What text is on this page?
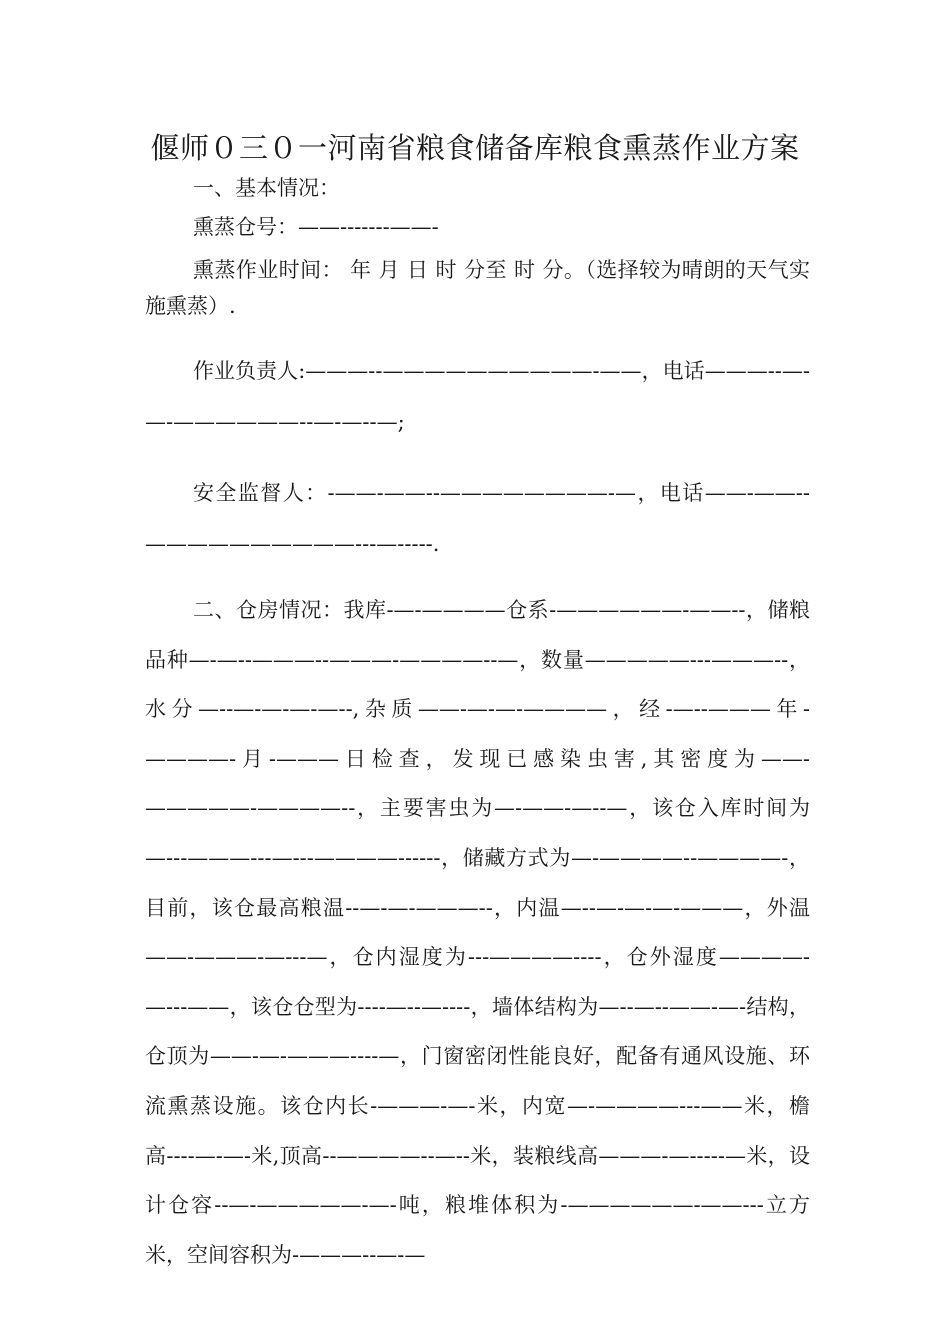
偃师０三０一河南省粮食储备库粮食熏蒸作业方案

一、基本情况：

熏蒸仓号：——-------——-

熏蒸作业时间： 年 月 日 时 分至 时 分。（选择较为晴朗的天气实施熏蒸）.

作业负责人:———--——————————-——，电话———--—-—-——————--—-—--—;

安全监督人：-——-——--————————-—，电话——-——--——————————---—-----.

二、仓房情况：我库-—-————仓系-——————-——--，储粮品种—-—--———--———-————--—，数量—————---———--，水分—--—-—-—-—--,杂质——-—-—-————，经-—--———年-————-月-———日检查，发现已感染虫害,其密度为——-—————-————--，主要害虫为—-——-—--—，该仓入库时间为—---———---—---————------，储藏方式为—-————--————-，目前，该仓最高粮温--—-—-———--，内温—--—-—-—-———，外温——-———-—---—，仓内湿度为---————----，仓外湿度————-—---——，该仓仓型为----—--—----，墙体结构为—--—--——-—-结构，仓顶为——-—-———----—，门窗密闭性能良好，配备有通风设施、环流熏蒸设施。该仓内长-———-—-米，内宽—-————---——米，檐高----—-—-米,顶高--————--—--米，装粮线高———-—-----—米，设计仓容--—-—————-—-吨，粮堆体积为-——————-——---立方米，空间容积为-———--—-—
